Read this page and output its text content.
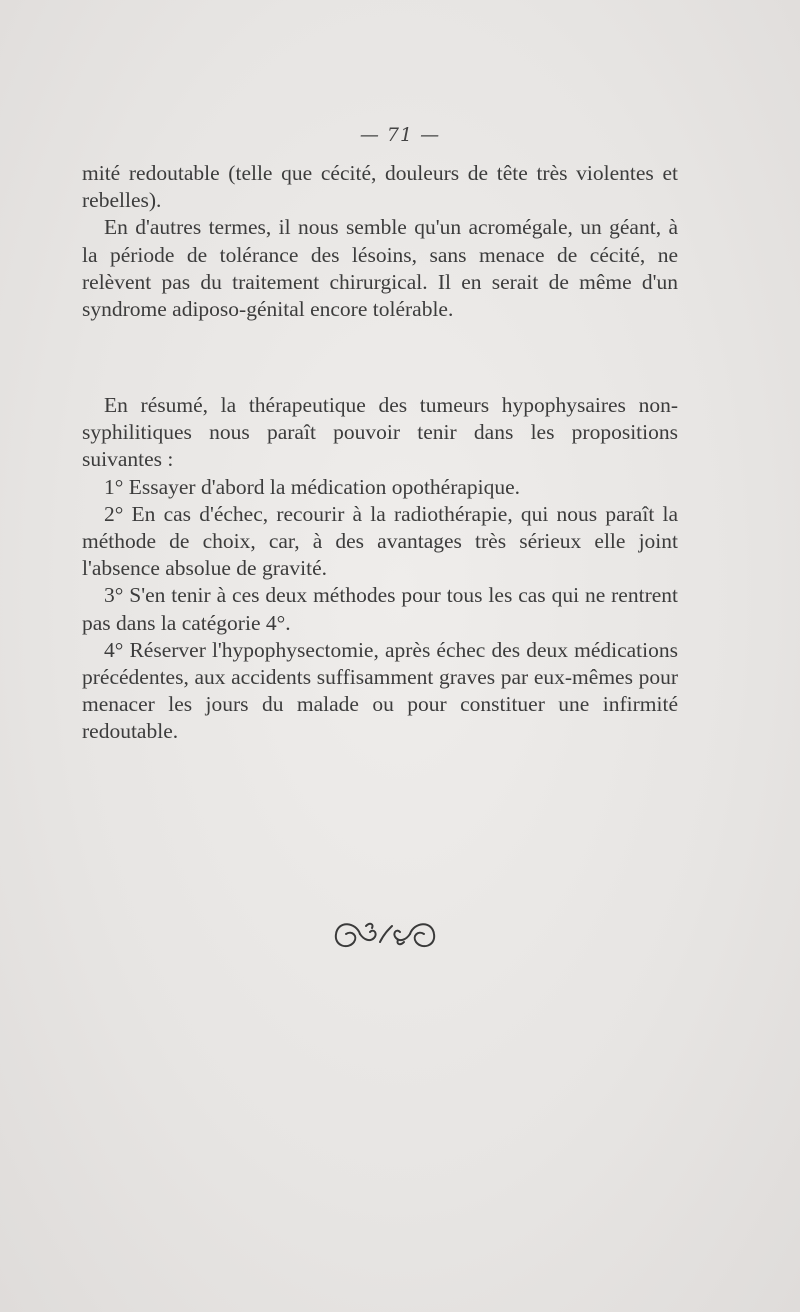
— 71 —

mité redoutable (telle que cécité, douleurs de tête très violentes et rebelles).

En d'autres termes, il nous semble qu'un acromégale, un géant, à la période de tolérance des lésoins, sans menace de cécité, ne relèvent pas du traitement chirurgical. Il en serait de même d'un syndrome adiposo-génital encore tolérable.

En résumé, la thérapeutique des tumeurs hypophysaires non-syphilitiques nous paraît pouvoir tenir dans les propositions suivantes :

1° Essayer d'abord la médication opothérapique.

2° En cas d'échec, recourir à la radiothérapie, qui nous paraît la méthode de choix, car, à des avantages très sérieux elle joint l'absence absolue de gravité.

3° S'en tenir à ces deux méthodes pour tous les cas qui ne rentrent pas dans la catégorie 4°.

4° Réserver l'hypophysectomie, après échec des deux médications précédentes, aux accidents suffisamment graves par eux-mêmes pour menacer les jours du malade ou pour constituer une infirmité redoutable.
